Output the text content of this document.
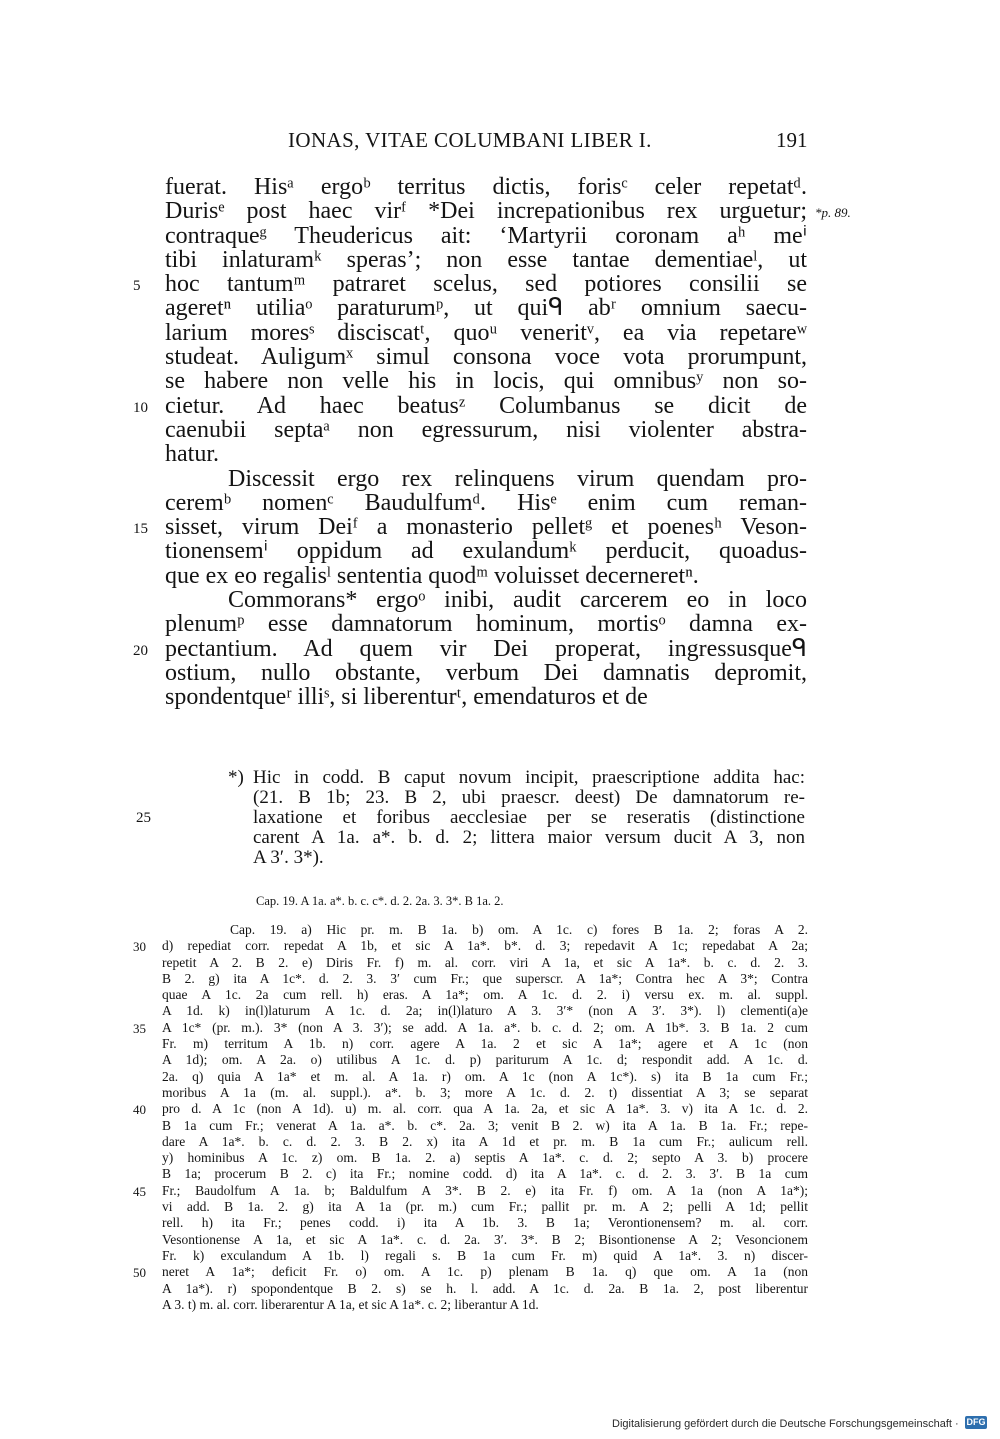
IONAS, VITAE COLUMBANI LIBER I.	191
fuerat. Hisᵃ ergoᵇ territus dictis, forisᶜ celer repetatᵈ.
Durisᵉ post haec virᶠ *Dei increpationibus rex urguetur; *p. 89.
contraqueᵍ Theudericus ait: ‘Martyrii coronam aʰ meⁱ
tibi inlaturamᵏ speras’; non esse tantae dementiaeˡ, ut
hoc tantumᵐ patraret scelus, sed potiores consilii se
5
ageretⁿ utiliaᵒ paraturumᵖ, ut quiᑫ abʳ omnium saecu-
larium moresˢ disciscatᵗ, quoᵘ veneritᵛ, ea via repetareʷ
studeat. Auligumˣ simul consona voce vota prorumpunt,
se habere non velle his in locis, qui omnibusʸ non so-
cietur. Ad haec beatusᶻ Columbanus se dicit de
10
caenubii septaᵃ non egressurum, nisi violenter abstra-
hatur.
Discessit ergo rex relinquens virum quendam pro-
ceremᵇ nomenᶜ Baudulfumᵈ. Hisᵉ enim cum reman-
sisset, virum Deiᶠ a monasterio pelletᵍ et poenesʰ Veson-
15
tionensemⁱ oppidum ad exulandumᵏ perducit, quoadus-
que ex eo regalisˡ sententia quodᵐ voluisset decerneretⁿ.
Commorans* ergoᵒ inibi, audit carcerem eo in loco
plenumᵖ esse damnatorum hominum, mortisᵒ damna ex-
pectantium. Ad quem vir Dei properat, ingressusqueᑫ
20
ostium, nullo obstante, verbum Dei damnatis depromit,
spondentqueʳ illiˢ, si liberenturᵗ, emendaturos et de
*) Hic in codd. B caput novum incipit, praescriptione addita hac:
(21. B 1b; 23. B 2, ubi praescr. deest) De damnatorum re-
laxatione et foribus aecclesiae per se reseratis (distinctione
25
carent A 1a. a*. b. d. 2; littera maior versum ducit A 3, non
A 3′. 3*).
Cap. 19. A 1a. a*. b. c. c*. d. 2. 2a. 3. 3*. B 1a. 2.
Cap. 19. a) Hic pr. m. B 1a. b) om. A 1c. c) fores B 1a. 2; foras A 2.
d) repediat corr. repedat A 1b, et sic A 1a*. b*. d. 3; repedavit A 1c; repedabat A 2a;
30
repetit A 2. B 2. e) Diris Fr. f) m. al. corr. viri A 1a, et sic A 1a*. b. c. d. 2. 3.
B 2. g) ita A 1c*. d. 2. 3. 3′ cum Fr.; que superscr. A 1a*; Contra hec A 3*; Contra
quae A 1c. 2a cum rell. h) eras. A 1a*; om. A 1c. d. 2. i) versu ex. m. al. suppl.
A 1d. k) in(l)laturum A 1c. d. 2a; in(l)laturo A 3. 3′* (non A 3′. 3*). l) clementi(a)e
A 1c* (pr. m.). 3* (non A 3. 3′); se add. A 1a. a*. b. c. d. 2; om. A 1b*. 3. B 1a. 2 cum
35
Fr. m) territum A 1b. n) corr. agere A 1a. 2 et sic A 1a*; agere et A 1c (non
A 1d); om. A 2a. o) utilibus A 1c. d. p) pariturum A 1c. d; respondit add. A 1c. d.
2a. q) quia A 1a* et m. al. A 1a. r) om. A 1c (non A 1c*). s) ita B 1a cum Fr.;
moribus A 1a (m. al. suppl.). a*. b. 3; more A 1c. d. 2. t) dissentiat A 3; se separat
pro d. A 1c (non A 1d). u) m. al. corr. qua A 1a. 2a, et sic A 1a*. 3. v) ita A 1c. d. 2.
40
B 1a cum Fr.; venerat A 1a. a*. b. c*. 2a. 3; venit B 2. w) ita A 1a. B 1a. Fr.; repe-
dare A 1a*. b. c. d. 2. 3. B 2. x) ita A 1d et pr. m. B 1a cum Fr.; aulicum rell.
y) hominibus A 1c. z) om. B 1a. 2. a) septis A 1a*. c. d. 2; septo A 3. b) procere
B 1a; procerum B 2. c) ita Fr.; nomine codd. d) ita A 1a*. c. d. 2. 3. 3′. B 1a cum
Fr.; Baudolfum A 1a. b; Baldulfum A 3*. B 2. e) ita Fr. f) om. A 1a (non A 1a*);
45
vi add. B 1a. 2. g) ita A 1a (pr. m.) cum Fr.; pallit pr. m. A 2; pelli A 1d; pellit
rell. h) ita Fr.; penes codd. i) ita A 1b. 3. B 1a; Verontionensem? m. al. corr.
Vesontionense A 1a, et sic A 1a*. c. d. 2a. 3′. 3*. B 2; Bisontionense A 2; Vesoncionem
Fr. k) exculandum A 1b. l) regali s. B 1a cum Fr. m) quid A 1a*. 3. n) discer-
neret A 1a*; deficit Fr. o) om. A 1c. p) plenam B 1a. q) que om. A 1a (non
50
A 1a*). r) spopondentque B 2. s) se h. l. add. A 1c. d. 2a. B 1a. 2, post liberentur
A 3. t) m. al. corr. liberarentur A 1a, et sic A 1a*. c. 2; liberantur A 1d.
Digitalisierung gefördert durch die Deutsche Forschungsgemeinschaft · DFG
